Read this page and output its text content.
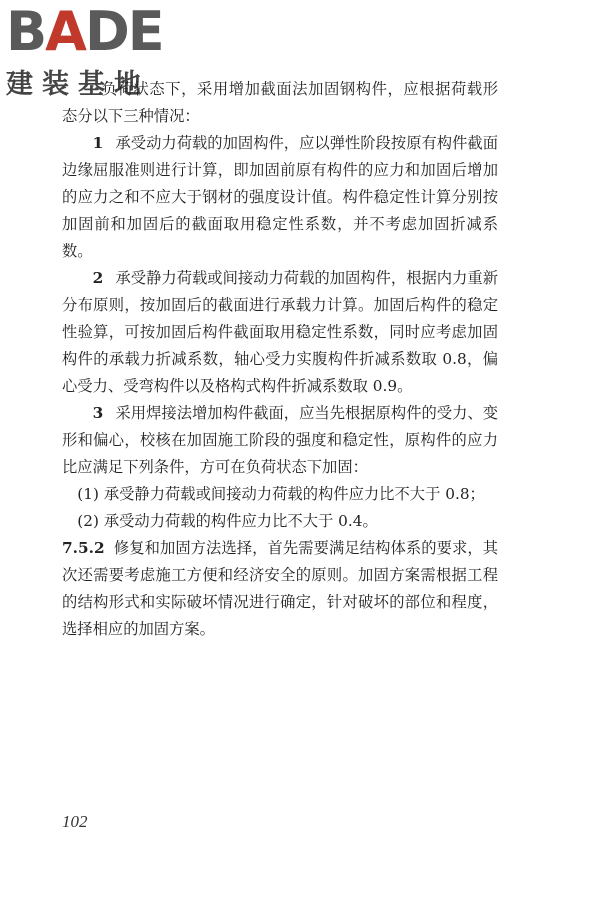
B A D E
建装基地

负荷状态下，采用增加截面法加固钢构件，应根据荷载形态分以下三种情况：

1 承受动力荷载的加固构件，应以弹性阶段按原有构件截面边缘屈服准则进行计算，即加固前原有构件的应力和加固后增加的应力之和不应大于钢材的强度设计值。构件稳定性计算分别按加固前和加固后的截面取用稳定性系数，并不考虑加固折减系数。

2 承受静力荷载或间接动力荷载的加固构件，根据内力重新分布原则，按加固后的截面进行承载力计算。加固后构件的稳定性验算，可按加固后构件截面取用稳定性系数，同时应考虑加固构件的承载力折减系数，轴心受力实腹构件折减系数取 0.8，偏心受力、受弯构件以及格构式构件折减系数取 0.9。

3 采用焊接法增加构件截面，应当先根据原构件的受力、变形和偏心，校核在加固施工阶段的强度和稳定性，原构件的应力比应满足下列条件，方可在负荷状态下加固：

(1) 承受静力荷载或间接动力荷载的构件应力比不大于 0.8；

(2) 承受动力荷载的构件应力比不大于 0.4。

7.5.2 修复和加固方法选择，首先需要满足结构体系的要求，其次还需要考虑施工方便和经济安全的原则。加固方案需根据工程的结构形式和实际破坏情况进行确定，针对破坏的部位和程度，选择相应的加固方案。

102
